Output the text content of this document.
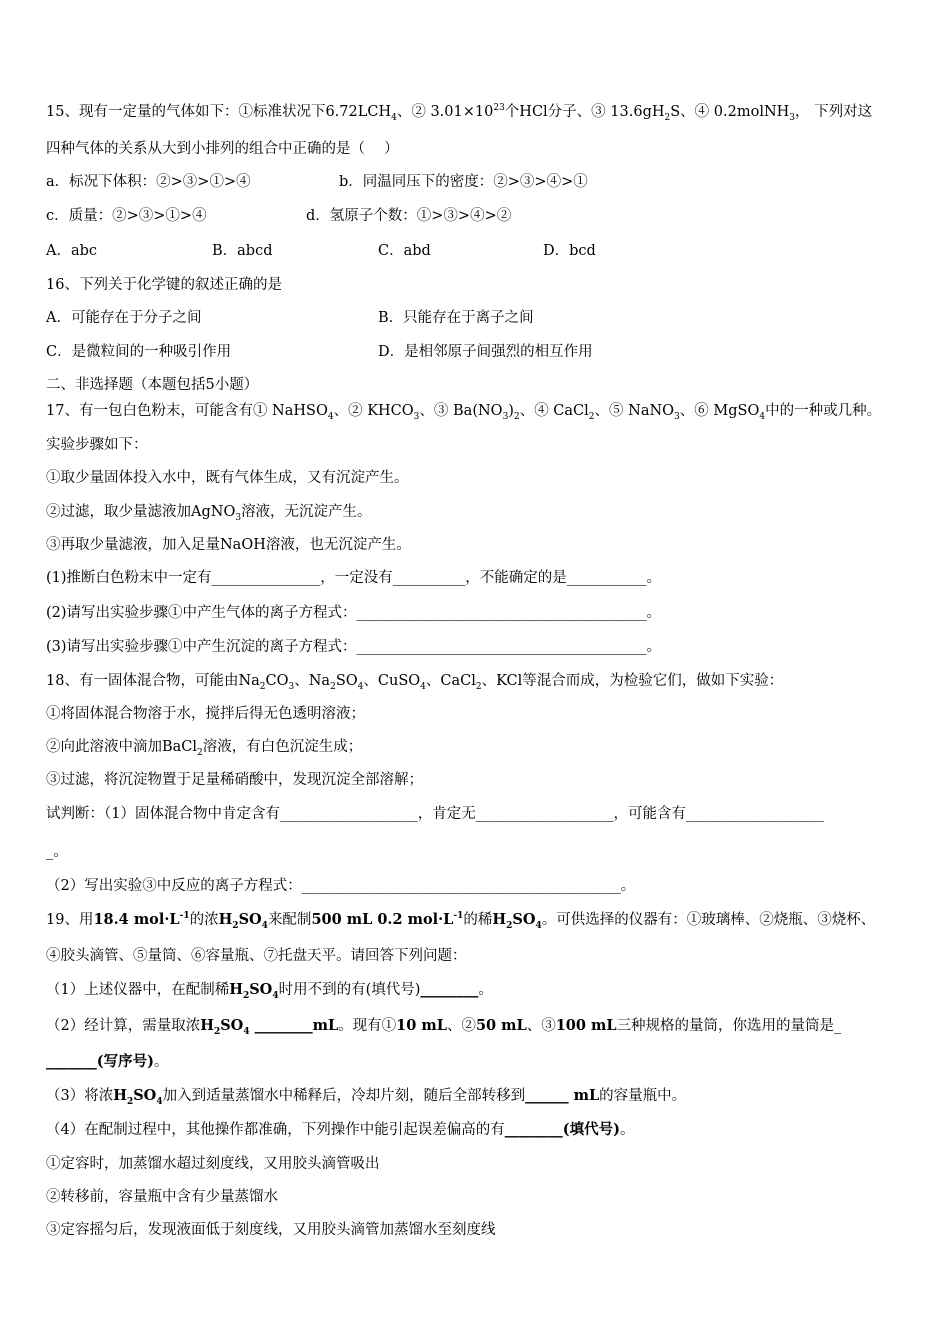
15、现有一定量的气体如下：①标准状况下$6.72LCH_4$、② $3.01\times 10^{23}$个HCl分子、③ $13.6gH_2S$、④ 0.2molNH$_3$， 下列对这
四种气体的关系从大到小排列的组合中正确的是（　 ）
a．标况下体积：②>③>①>④	b．同温同压下的密度：②>③>④>①
c．质量：②>③>①>④	d．氢原子个数：①>③>④>②
A．abc	B．abcd	C．abd	D．bcd
16、下列关于化学键的叙述正确的是
A．可能存在于分子之间	B．只能存在于离子之间
C．是微粒间的一种吸引作用	D．是相邻原子间强烈的相互作用
二、非选择题（本题包括5小题）
17、有一包白色粉末，可能含有① NaHSO$_4$、② $KHCO_3$、③ $Ba(NO_3)_2$、④ CaCl$_2$、⑤ NaNO$_3$、⑥ MgSO$_4$中的一种或几种。
实验步骤如下：
①取少量固体投入水中，既有气体生成，又有沉淀产生。
②过滤，取少量滤液加AgNO$_3$溶液，无沉淀产生。
③再取少量滤液，加入足量NaOH溶液，也无沉淀产生。
(1)推断白色粉末中一定有_______________，一定没有__________，不能确定的是___________。
(2)请写出实验步骤①中产生气体的离子方程式：________________________________________。
(3)请写出实验步骤①中产生沉淀的离子方程式：________________________________________。
18、有一固体混合物，可能由$Na_2CO_3$、$Na_2SO_4$、CuSO$_4$、CaCl$_2$、KCl等混合而成，为检验它们，做如下实验：
①将固体混合物溶于水，搅拌后得无色透明溶液；
②向此溶液中滴加BaCl$_2$溶液，有白色沉淀生成；
③过滤，将沉淀物置于足量稀硝酸中，发现沉淀全部溶解；
试判断：（1）固体混合物中肯定含有___________________，肯定无___________________，可能含有___________________
_。
（2）写出实验③中反应的离子方程式：____________________________________________。
19、用18.4 $mol\cdot L^{-1}$的浓$H_2SO_4$来配制500 mL 0.2 $mol\cdot L^{-1}$的稀$H_2SO_4$。可供选择的仪器有：①玻璃棒、②烧瓶、③烧杯、
④胶头滴管、⑤量筒、⑥容量瓶、⑦托盘天平。请回答下列问题：
（1）上述仪器中，在配制稀$H_2SO_4$时用不到的有(填代号)________。
（2）经计算，需量取浓$H_2SO_4$ ________mL。现有①10 mL、②50 mL、③100 mL三种规格的量筒，你选用的量筒是_
_______(写序号)。
（3）将浓$H_2SO_4$加入到适量蒸馏水中稀释后，冷却片刻，随后全部转移到______ mL的容量瓶中。
（4）在配制过程中，其他操作都准确，下列操作中能引起误差偏高的有________(填代号)。
①定容时，加蒸馏水超过刻度线，又用胶头滴管吸出
②转移前，容量瓶中含有少量蒸馏水
③定容摇匀后，发现液面低于刻度线，又用胶头滴管加蒸馏水至刻度线
